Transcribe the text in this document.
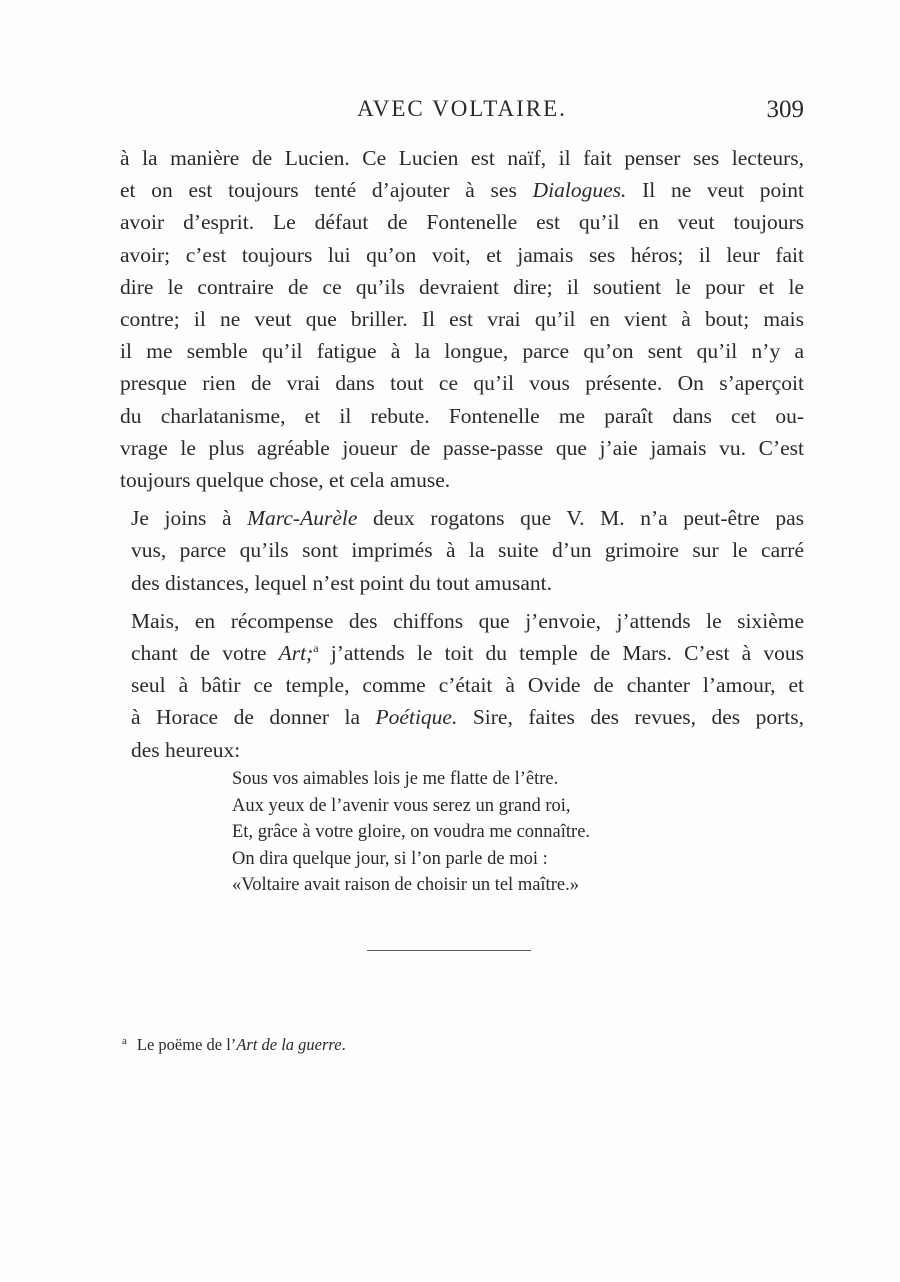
AVEC VOLTAIRE.	309
à la manière de Lucien. Ce Lucien est naïf, il fait penser ses lecteurs,
et on est toujours tenté d’ajouter à ses Dialogues. Il ne veut point
avoir d’esprit. Le défaut de Fontenelle est qu’il en veut toujours
avoir; c’est toujours lui qu’on voit, et jamais ses héros; il leur fait
dire le contraire de ce qu’ils devraient dire; il soutient le pour et le
contre; il ne veut que briller. Il est vrai qu’il en vient à bout; mais
il me semble qu’il fatigue à la longue, parce qu’on sent qu’il n’y a
presque rien de vrai dans tout ce qu’il vous présente. On s’aperçoit
du charlatanisme, et il rebute. Fontenelle me paraît dans cet ou-
vrage le plus agréable joueur de passe-passe que j’aie jamais vu. C’est
toujours quelque chose, et cela amuse.
Je joins à Marc-Aurèle deux rogatons que V. M. n’a peut-être pas
vus, parce qu’ils sont imprimés à la suite d’un grimoire sur le carré
des distances, lequel n’est point du tout amusant.
Mais, en récompense des chiffons que j’envoie, j’attends le sixième
chant de votre Art;$^a$ j’attends le toit du temple de Mars. C’est à vous
seul à bâtir ce temple, comme c’était à Ovide de chanter l’amour, et
à Horace de donner la Poétique. Sire, faites des revues, des ports,
des heureux:
Sous vos aimables lois je me flatte de l’être.
Aux yeux de l’avenir vous serez un grand roi,
Et, grâce à votre gloire, on voudra me connaître.
On dira quelque jour, si l’on parle de moi :
«Voltaire avait raison de choisir un tel maître.»
$^a$ Le poëme de l’Art de la guerre.
